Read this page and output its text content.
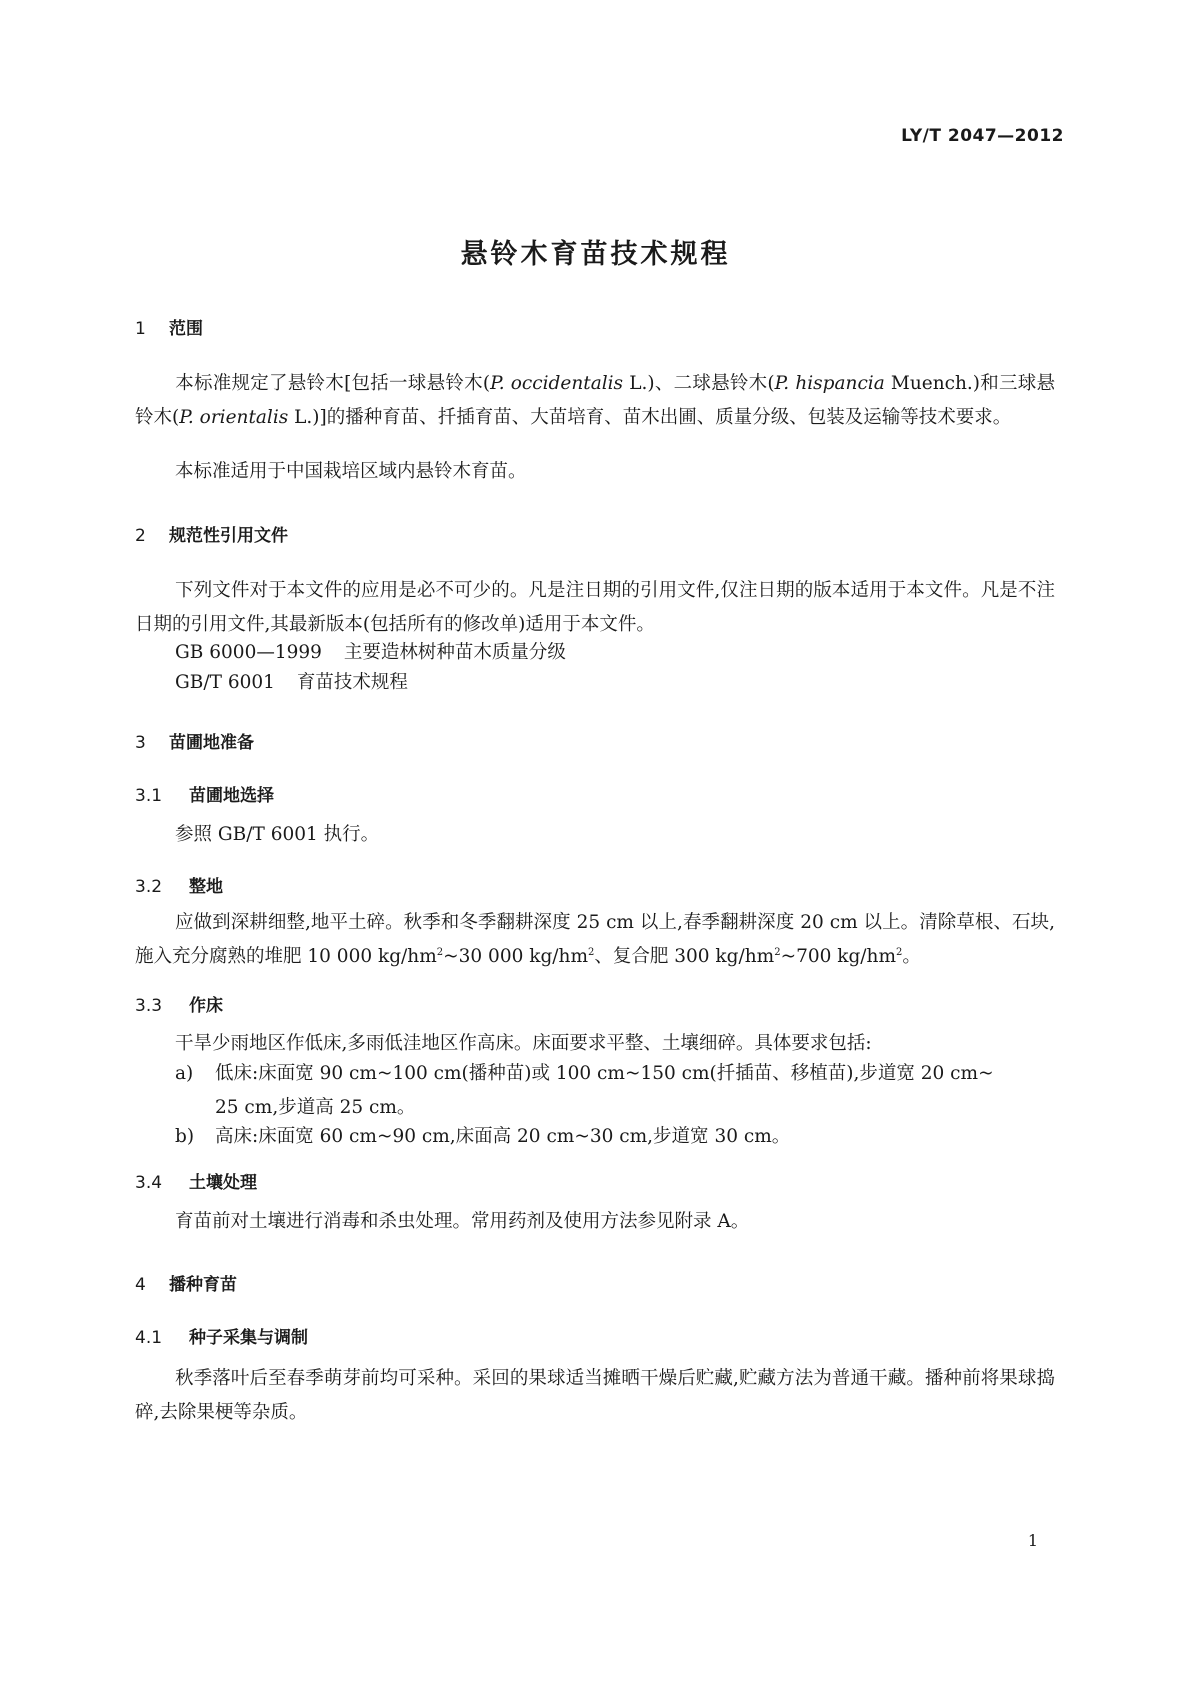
LY/T 2047—2012
悬铃木育苗技术规程
1 范围
本标准规定了悬铃木[包括一球悬铃木(P. occidentalis L.)、二球悬铃木(P. hispancia Muench.)和三球悬铃木(P. orientalis L.)]的播种育苗、扦插育苗、大苗培育、苗木出圃、质量分级、包装及运输等技术要求。
本标准适用于中国栽培区域内悬铃木育苗。
2 规范性引用文件
下列文件对于本文件的应用是必不可少的。凡是注日期的引用文件,仅注日期的版本适用于本文件。凡是不注日期的引用文件,其最新版本(包括所有的修改单)适用于本文件。
GB 6000—1999 主要造林树种苗木质量分级
GB/T 6001 育苗技术规程
3 苗圃地准备
3.1 苗圃地选择
参照 GB/T 6001 执行。
3.2 整地
应做到深耕细整,地平土碎。秋季和冬季翻耕深度 25 cm 以上,春季翻耕深度 20 cm 以上。清除草根、石块,施入充分腐熟的堆肥 10 000 $kg/hm^2\sim 30$ 000 $kg/hm^2$、复合肥 300 $kg/hm^2\sim 700$ $kg/hm^2$。
3.3 作床
干旱少雨地区作低床,多雨低洼地区作高床。床面要求平整、土壤细碎。具体要求包括:
a) 低床:床面宽 90 cm~100 cm(播种苗)或 100 cm~150 cm(扦插苗、移植苗),步道宽 20 cm~
25 cm,步道高 25 cm。
b) 高床:床面宽 60 cm~90 cm,床面高 20 cm~30 cm,步道宽 30 cm。
3.4 土壤处理
育苗前对土壤进行消毒和杀虫处理。常用药剂及使用方法参见附录 A。
4 播种育苗
4.1 种子采集与调制
秋季落叶后至春季萌芽前均可采种。采回的果球适当摊晒干燥后贮藏,贮藏方法为普通干藏。播种前将果球捣碎,去除果梗等杂质。
1
